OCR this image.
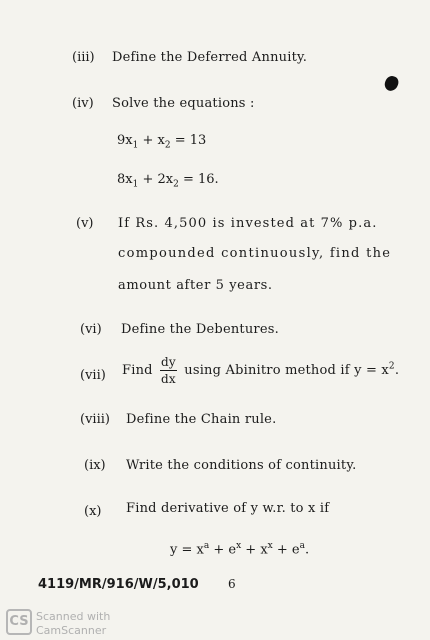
(iii) Define the Deferred Annuity.
(iv) Solve the equations :
$9x_1 + x_2 = 13$
$8x_1 + 2x_2 = 16$.
(v) If Rs. 4,500 is invested at 7% p.a.
compounded continuously, find the
amount after 5 years.
(vi) Define the Debentures.
(vii) Find $\frac{dy}{dx}$ using Abinitro method if $y = x^2$.
(viii) Define the Chain rule.
(ix) Write the conditions of continuity.
(x) Find derivative of y w.r. to x if
$y = x^a + e^x + x^x + e^a$.
4119/MR/916/W/5,010 6
CS Scanned with
CamScanner
